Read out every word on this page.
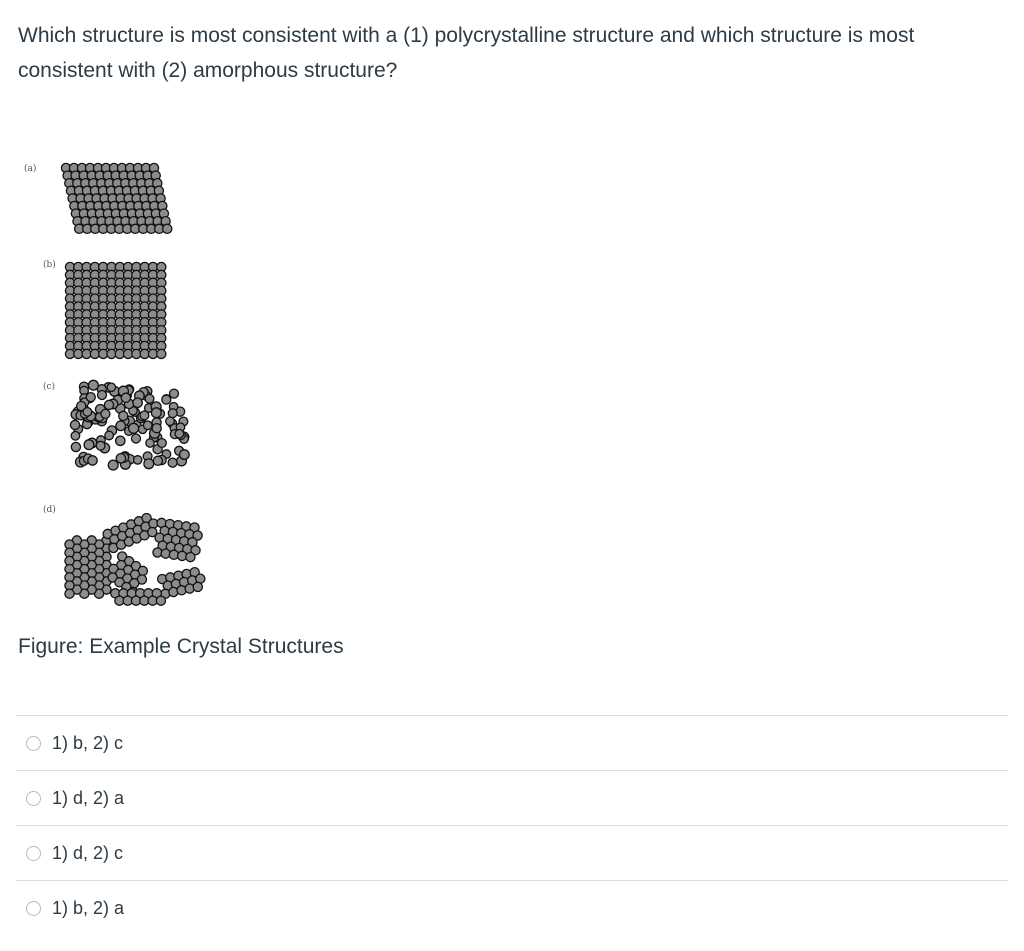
Which structure is most consistent with a (1) polycrystalline structure and which structure is most consistent with (2) amorphous structure?

(a)
(b)
(c)
(d)

Figure: Example Crystal Structures

1) b, 2) c
1) d, 2) a
1) d, 2) c
1) b, 2) a
